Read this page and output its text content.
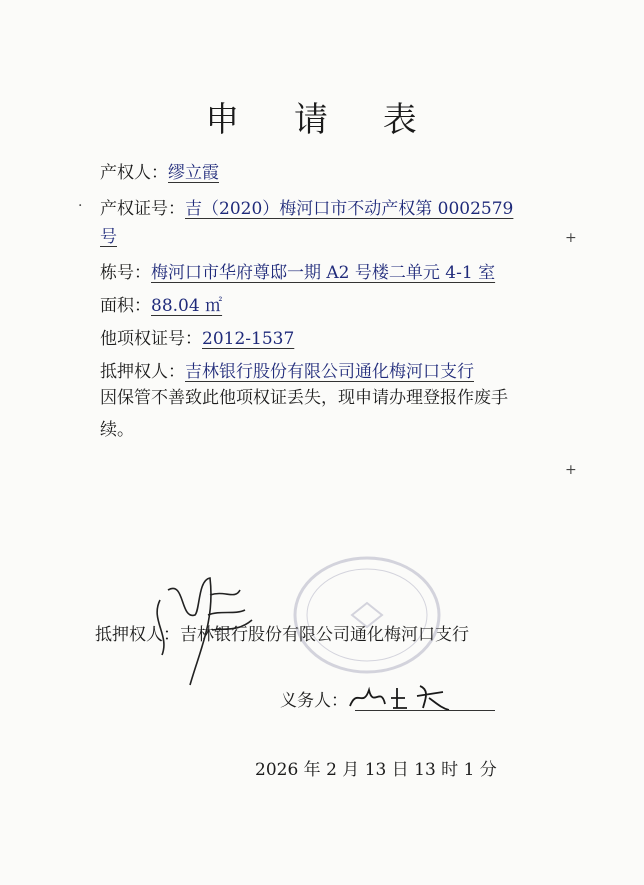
申 请 表
产权人：缪立霞
产权证号：吉（2020）梅河口市不动产权第 0002579
号
栋号：梅河口市华府尊邸一期 A2 号楼二单元 4-1 室
面积：88.04 ㎡
他项权证号：2012-1537
抵押权人：吉林银行股份有限公司通化梅河口支行
因保管不善致此他项权证丢失，现申请办理登报作废手续。
+
+
·
抵押权人：吉林银行股份有限公司通化梅河口支行
义务人：
2026 年 2 月 13 日 13 时 1 分
